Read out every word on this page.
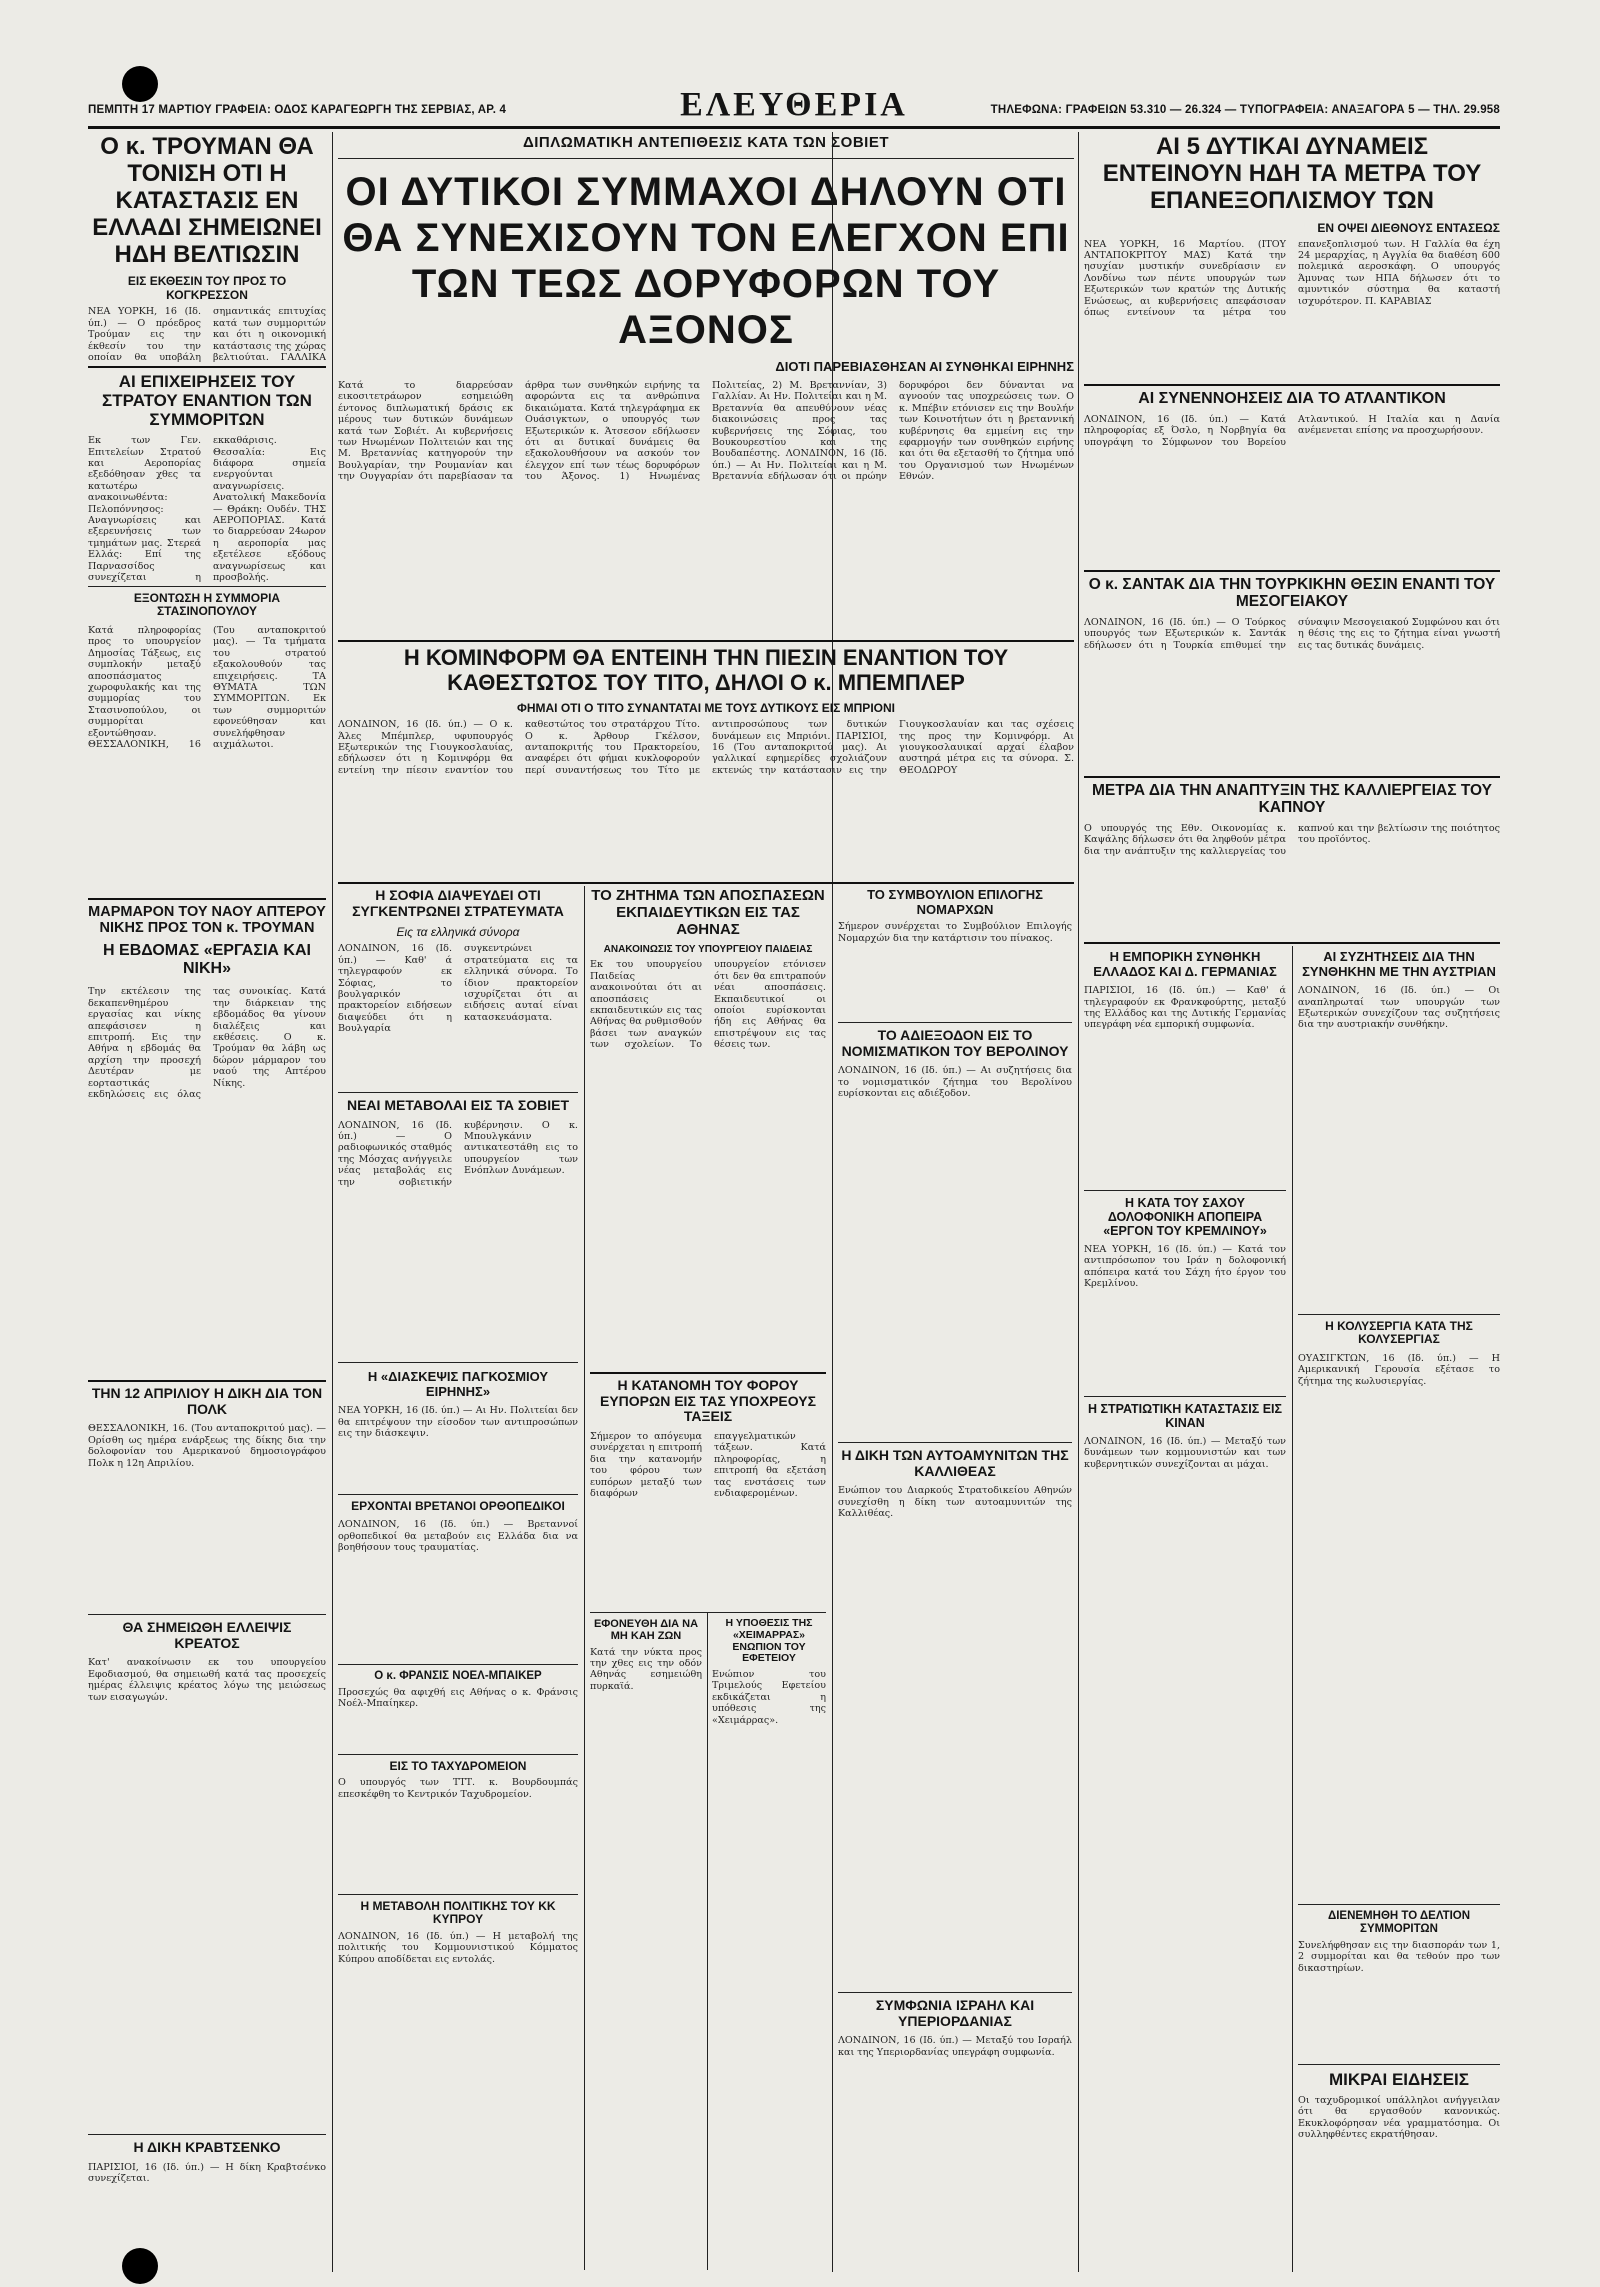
ΠΕΜΠΤΗ 17 ΜΑΡΤΙΟΥ ΓΡΑΦΕΙΑ: ΟΔΟΣ ΚΑΡΑΓΕΩΡΓΗ ΤΗΣ ΣΕΡΒΙΑΣ, ΑΡ. 4	ΕΛΕΥΘΕΡΙΑ	ΤΗΛΕΦΩΝΑ: ΓΡΑΦΕΙΩΝ 53.310 — 26.324 — ΤΥΠΟΓΡΑΦΕΙΑ: ΑΝΑΞΑΓΟΡΑ 5 — ΤΗΛ. 29.958
Ο κ. ΤΡΟΥΜΑΝ ΘΑ ΤΟΝΙΣΗ ΟΤΙ Η ΚΑΤΑΣΤΑΣΙΣ ΕΝ ΕΛΛΑΔΙ ΣΗΜΕΙΩΝΕΙ ΗΔΗ ΒΕΛΤΙΩΣΙΝ
ΕΙΣ ΕΚΘΕΣΙΝ ΤΟΥ ΠΡΟΣ ΤΟ ΚΟΓΚΡΕΣΣΟΝ

ΝΕΑ ΥΟΡΚΗ, 16 (Ιδ. ύπ.) — Ο πρόεδρος Τρούμαν εις την έκθεσίν του την οποίαν θα υποβάλη σημαντικάς επιτυχίας κατά των συμμοριτών και ότι η οικονομική κατάστασις της χώρας βελτιούται. ΓΑΛΛΙΚΑ

ΑΙ ΕΠΙΧΕΙΡΗΣΕΙΣ ΤΟΥ ΣΤΡΑΤΟΥ ΕΝΑΝΤΙΟΝ ΤΩΝ ΣΥΜΜΟΡΙΤΩΝ

Εκ των Γεν. Επιτελείων Στρατού και Αεροπορίας εξεδόθησαν χθες τα κατωτέρω ανακοινωθέντα: Πελοπόννησος: Αναγνωρίσεις και εξερευνήσεις των τμημάτων μας. Στερεά Ελλάς: Επί της Παρνασσίδος συνεχίζεται η εκκαθάρισις. Θεσσαλία: Εις διάφορα σημεία ενεργούνται αναγνωρίσεις. Ανατολική Μακεδονία — Θράκη: Ουδέν. ΤΗΣ ΑΕΡΟΠΟΡΙΑΣ. Κατά το διαρρεύσαν 24ωρον η αεροπορία μας εξετέλεσε εξόδους αναγνωρίσεως και προσβολής.

ΕΞΟΝΤΩΣΗ Η ΣΥΜΜΟΡΙΑ ΣΤΑΣΙΝΟΠΟΥΛΟΥ

Κατά πληροφορίας προς το υπουργείον Δημοσίας Τάξεως, εις συμπλοκήν μεταξύ αποσπάσματος χωροφυλακής και της συμμορίας του Στασινοπούλου, οι συμμορίται εξοντώθησαν. ΘΕΣΣΑΛΟΝΙΚΗ, 16 (Του ανταποκριτού μας). — Τα τμήματα του στρατού εξακολουθούν τας επιχειρήσεις. ΤΑ ΘΥΜΑΤΑ ΤΩΝ ΣΥΜΜΟΡΙΤΩΝ. Εκ των συμμοριτών εφονεύθησαν και συνελήφθησαν αιχμάλωτοι.

ΜΑΡΜΑΡΟΝ ΤΟΥ ΝΑΟΥ ΑΠΤΕΡΟΥ ΝΙΚΗΣ ΠΡΟΣ ΤΟΝ κ. ΤΡΟΥΜΑΝ
Η ΕΒΔΟΜΑΣ «ΕΡΓΑΣΙΑ ΚΑΙ ΝΙΚΗ»

Την εκτέλεσιν της δεκαπενθημέρου εργασίας και νίκης απεφάσισεν η επιτροπή. Εις την Αθήνα η εβδομάς θα αρχίση την προσεχή Δευτέραν με εορταστικάς εκδηλώσεις εις όλας τας συνοικίας. Κατά την διάρκειαν της εβδομάδος θα γίνουν διαλέξεις και εκθέσεις. Ο κ. Τρούμαν θα λάβη ως δώρον μάρμαρον του ναού της Απτέρου Νίκης.

ΤΗΝ 12 ΑΠΡΙΛΙΟΥ Η ΔΙΚΗ ΔΙΑ ΤΟΝ ΠΟΛΚ

ΘΕΣΣΑΛΟΝΙΚΗ, 16. (Του ανταποκριτού μας). — Ορίσθη ως ημέρα ενάρξεως της δίκης δια την δολοφονίαν του Αμερικανού δημοσιογράφου Πολκ η 12η Απριλίου.

ΘΑ ΣΗΜΕΙΩΘΗ ΕΛΛΕΙΨΙΣ ΚΡΕΑΤΟΣ

Κατ' ανακοίνωσιν εκ του υπουργείου Εφοδιασμού, θα σημειωθή κατά τας προσεχείς ημέρας έλλειψις κρέατος λόγω της μειώσεως των εισαγωγών.

Η ΔΙΚΗ ΚΡΑΒΤΣΕΝΚΟ

ΠΑΡΙΣΙΟΙ, 16 (Ιδ. ύπ.) — Η δίκη Κραβτσένκο συνεχίζεται.

ΔΙΠΛΩΜΑΤΙΚΗ ΑΝΤΕΠΙΘΕΣΙΣ ΚΑΤΑ ΤΩΝ ΣΟΒΙΕΤ
ΟΙ ΔΥΤΙΚΟΙ ΣΥΜΜΑΧΟΙ ΔΗΛΟΥΝ ΟΤΙ ΘΑ ΣΥΝΕΧΙΣΟΥΝ ΤΟΝ ΕΛΕΓΧΟΝ ΕΠΙ ΤΩΝ ΤΕΩΣ ΔΟΡΥΦΟΡΩΝ ΤΟΥ ΑΞΟΝΟΣ
ΔΙΟΤΙ ΠΑΡΕΒΙΑΣΘΗΣΑΝ ΑΙ ΣΥΝΘΗΚΑΙ ΕΙΡΗΝΗΣ

Κατά το διαρρεύσαν εικοσιτετράωρον εσημειώθη έντονος διπλωματική δράσις εκ μέρους των δυτικών δυνάμεων κατά των Σοβιέτ. Αι κυβερνήσεις των Ηνωμένων Πολιτειών και της Μ. Βρεταννίας κατηγορούν την Βουλγαρίαν, την Ρουμανίαν και την Ουγγαρίαν ότι παρεβίασαν τα άρθρα των συνθηκών ειρήνης τα αφορώντα εις τα ανθρώπινα δικαιώματα. Κατά τηλεγράφημα εκ Ουάσιγκτων, ο υπουργός των Εξωτερικών κ. Άτσεσον εδήλωσεν ότι αι δυτικαί δυνάμεις θα εξακολουθήσουν να ασκούν τον έλεγχον επί των τέως δορυφόρων του Άξονος. 1) Ηνωμένας Πολιτείας, 2) Μ. Βρεταννίαν, 3) Γαλλίαν. Αι Ην. Πολιτείαι και η Μ. Βρεταννία θα απευθύνουν νέας διακοινώσεις προς τας κυβερνήσεις της Σόφιας, του Βουκουρεστίου και της Βουδαπέστης. ΛΟΝΔΙΝΟΝ, 16 (Ιδ. ύπ.) — Αι Ην. Πολιτείαι και η Μ. Βρεταννία εδήλωσαν ότι οι πρώην δορυφόροι δεν δύνανται να αγνοούν τας υποχρεώσεις των. Ο κ. Μπέβιν ετόνισεν εις την Βουλήν των Κοινοτήτων ότι η βρεταννική κυβέρνησις θα εμμείνη εις την εφαρμογήν των συνθηκών ειρήνης και ότι θα εξετασθή το ζήτημα υπό του Οργανισμού των Ηνωμένων Εθνών.

Η ΚΟΜΙΝΦΟΡΜ ΘΑ ΕΝΤΕΙΝΗ ΤΗΝ ΠΙΕΣΙΝ ΕΝΑΝΤΙΟΝ ΤΟΥ ΚΑΘΕΣΤΩΤΟΣ ΤΟΥ ΤΙΤΟ, ΔΗΛΟΙ Ο κ. ΜΠΕΜΠΛΕΡ
ΦΗΜΑΙ ΟΤΙ Ο ΤΙΤΟ ΣΥΝΑΝΤΑΤΑΙ ΜΕ ΤΟΥΣ ΔΥΤΙΚΟΥΣ ΕΙΣ ΜΠΡΙΟΝΙ

ΛΟΝΔΙΝΟΝ, 16 (Ιδ. ύπ.) — Ο κ. Άλες Μπέμπλερ, υφυπουργός Εξωτερικών της Γιουγκοσλαυίας, εδήλωσεν ότι η Κομινφόρμ θα εντείνη την πίεσιν εναντίον του καθεστώτος του στρατάρχου Τίτο. Ο κ. Άρθουρ Γκέλσον, ανταποκριτής του Πρακτορείου, αναφέρει ότι φήμαι κυκλοφορούν περί συναντήσεως του Τίτο με αντιπροσώπους των δυτικών δυνάμεων εις Μπριόνι. ΠΑΡΙΣΙΟΙ, 16 (Του ανταποκριτού μας). Αι γαλλικαί εφημερίδες σχολιάζουν εκτενώς την κατάστασιν εις την Γιουγκοσλαυίαν και τας σχέσεις της προς την Κομινφόρμ. Αι γιουγκοσλαυικαί αρχαί έλαβον αυστηρά μέτρα εις τα σύνορα. Σ. ΘΕΟΔΩΡΟΥ

Η ΣΟΦΙΑ ΔΙΑΨΕΥΔΕΙ ΟΤΙ ΣΥΓΚΕΝΤΡΩΝΕΙ ΣΤΡΑΤΕΥΜΑΤΑ
Εις τα ελληνικά σύνορα

ΛΟΝΔΙΝΟΝ, 16 (Ιδ. ύπ.) — Καθ' ά τηλεγραφούν εκ Σόφιας, το βουλγαρικόν πρακτορείον ειδήσεων διαψεύδει ότι η Βουλγαρία συγκεντρώνει στρατεύματα εις τα ελληνικά σύνορα. Το ίδιον πρακτορείον ισχυρίζεται ότι αι ειδήσεις αυταί είναι κατασκευάσματα.

ΝΕΑΙ ΜΕΤΑΒΟΛΑΙ ΕΙΣ ΤΑ ΣΟΒΙΕΤ

ΛΟΝΔΙΝΟΝ, 16 (Ιδ. ύπ.) — Ο ραδιοφωνικός σταθμός της Μόσχας ανήγγειλε νέας μεταβολάς εις την σοβιετικήν κυβέρνησιν. Ο κ. Μπουλγκάνιν αντικατεστάθη εις το υπουργείον των Ενόπλων Δυνάμεων.

Η «ΔΙΑΣΚΕΨΙΣ ΠΑΓΚΟΣΜΙΟΥ ΕΙΡΗΝΗΣ»

ΝΕΑ ΥΟΡΚΗ, 16 (Ιδ. ύπ.) — Αι Ην. Πολιτείαι δεν θα επιτρέψουν την είσοδον των αντιπροσώπων εις την διάσκεψιν.

ΕΡΧΟΝΤΑΙ ΒΡΕΤΑΝΟΙ ΟΡΘΟΠΕΔΙΚΟΙ

ΛΟΝΔΙΝΟΝ, 16 (Ιδ. ύπ.) — Βρεταννοί ορθοπεδικοί θα μεταβούν εις Ελλάδα δια να βοηθήσουν τους τραυματίας.

Ο κ. ΦΡΑΝΣΙΣ ΝΟΕΛ-ΜΠΑΙΚΕΡ

Προσεχώς θα αφιχθή εις Αθήνας ο κ. Φράνσις Νοέλ-Μπαίηκερ.

ΕΙΣ ΤΟ ΤΑΧΥΔΡΟΜΕΙΟΝ

Ο υπουργός των ΤΤΤ. κ. Βουρδουμπάς επεσκέφθη το Κεντρικόν Ταχυδρομείον.

Η ΜΕΤΑΒΟΛΗ ΠΟΛΙΤΙΚΗΣ ΤΟΥ ΚΚ ΚΥΠΡΟΥ

ΛΟΝΔΙΝΟΝ, 16 (Ιδ. ύπ.) — Η μεταβολή της πολιτικής του Κομμουνιστικού Κόμματος Κύπρου αποδίδεται εις εντολάς.

ΤΟ ΖΗΤΗΜΑ ΤΩΝ ΑΠΟΣΠΑΣΕΩΝ ΕΚΠΑΙΔΕΥΤΙΚΩΝ ΕΙΣ ΤΑΣ ΑΘΗΝΑΣ
ΑΝΑΚΟΙΝΩΣΙΣ ΤΟΥ ΥΠΟΥΡΓΕΙΟΥ ΠΑΙΔΕΙΑΣ

Εκ του υπουργείου Παιδείας ανακοινούται ότι αι αποσπάσεις εκπαιδευτικών εις τας Αθήνας θα ρυθμισθούν βάσει των αναγκών των σχολείων. Το υπουργείον ετόνισεν ότι δεν θα επιτραπούν νέαι αποσπάσεις. Εκπαιδευτικοί οι οποίοι ευρίσκονται ήδη εις Αθήνας θα επιστρέψουν εις τας θέσεις των.

Η ΚΑΤΑΝΟΜΗ ΤΟΥ ΦΟΡΟΥ ΕΥΠΟΡΩΝ ΕΙΣ ΤΑΣ ΥΠΟΧΡΕΟΥΣ ΤΑΞΕΙΣ

Σήμερον το απόγευμα συνέρχεται η επιτροπή δια την κατανομήν του φόρου των ευπόρων μεταξύ των διαφόρων επαγγελματικών τάξεων. Κατά πληροφορίας, η επιτροπή θα εξετάση τας ενστάσεις των ενδιαφερομένων.

ΕΦΟΝΕΥΘΗ ΔΙΑ ΝΑ ΜΗ ΚΑΗ ΖΩΝ

Κατά την νύκτα προς την χθες εις την οδόν Αθηνάς εσημειώθη πυρκαϊά.

Η ΥΠΟΘΕΣΙΣ ΤΗΣ «ΧΕΙΜΑΡΡΑΣ» ΕΝΩΠΙΟΝ ΤΟΥ ΕΦΕΤΕΙΟΥ

Ενώπιον του Τριμελούς Εφετείου εκδικάζεται η υπόθεσις της «Χειμάρρας».

ΤΟ ΣΥΜΒΟΥΛΙΟΝ ΕΠΙΛΟΓΗΣ ΝΟΜΑΡΧΩΝ

Σήμερον συνέρχεται το Συμβούλιον Επιλογής Νομαρχών δια την κατάρτισιν του πίνακος.

ΤΟ ΑΔΙΕΞΟΔΟΝ ΕΙΣ ΤΟ ΝΟΜΙΣΜΑΤΙΚΟΝ ΤΟΥ ΒΕΡΟΛΙΝΟΥ

ΛΟΝΔΙΝΟΝ, 16 (Ιδ. ύπ.) — Αι συζητήσεις δια το νομισματικόν ζήτημα του Βερολίνου ευρίσκονται εις αδιέξοδον.

Η ΔΙΚΗ ΤΩΝ ΑΥΤΟΑΜΥΝΙΤΩΝ ΤΗΣ ΚΑΛΛΙΘΕΑΣ

Ενώπιον του Διαρκούς Στρατοδικείου Αθηνών συνεχίσθη η δίκη των αυτοαμυνιτών της Καλλιθέας.

ΣΥΜΦΩΝΙΑ ΙΣΡΑΗΛ ΚΑΙ ΥΠΕΡΙΟΡΔΑΝΙΑΣ

ΛΟΝΔΙΝΟΝ, 16 (Ιδ. ύπ.) — Μεταξύ του Ισραήλ και της Υπεριορδανίας υπεγράφη συμφωνία.

ΑΙ 5 ΔΥΤΙΚΑΙ ΔΥΝΑΜΕΙΣ ΕΝΤΕΙΝΟΥΝ ΗΔΗ ΤΑ ΜΕΤΡΑ ΤΟΥ ΕΠΑΝΕΞΟΠΛΙΣΜΟΥ ΤΩΝ
ΕΝ ΟΨΕΙ ΔΙΕΘΝΟΥΣ ΕΝΤΑΣΕΩΣ

ΝΕΑ ΥΟΡΚΗ, 16 Μαρτίου. (ΙΤΟΥ ΑΝΤΑΠΟΚΡΙΤΟΥ ΜΑΣ) Κατά την ησυχίαν μυστικήν συνεδρίασιν εν Λονδίνω των πέντε υπουργών των Εξωτερικών των κρατών της Δυτικής Ενώσεως, αι κυβερνήσεις απεφάσισαν όπως εντείνουν τα μέτρα του επανεξοπλισμού των. Η Γαλλία θα έχη 24 μεραρχίας, η Αγγλία θα διαθέση 600 πολεμικά αεροσκάφη. Ο υπουργός Άμυνας των ΗΠΑ δήλωσεν ότι το αμυντικόν σύστημα θα καταστή ισχυρότερον. Π. ΚΑΡΑΒΙΑΣ

ΑΙ ΣΥΝΕΝΝΟΗΣΕΙΣ ΔΙΑ ΤΟ ΑΤΛΑΝΤΙΚΟΝ

ΛΟΝΔΙΝΟΝ, 16 (Ιδ. ύπ.) — Κατά πληροφορίας εξ Όσλο, η Νορβηγία θα υπογράψη το Σύμφωνον του Βορείου Ατλαντικού. Η Ιταλία και η Δανία ανέμενεται επίσης να προσχωρήσουν.

Ο κ. ΣΑΝΤΑΚ ΔΙΑ ΤΗΝ ΤΟΥΡΚΙΚΗΝ ΘΕΣΙΝ ΕΝΑΝΤΙ ΤΟΥ ΜΕΣΟΓΕΙΑΚΟΥ

ΛΟΝΔΙΝΟΝ, 16 (Ιδ. ύπ.) — Ο Τούρκος υπουργός των Εξωτερικών κ. Σαντάκ εδήλωσεν ότι η Τουρκία επιθυμεί την σύναψιν Μεσογειακού Συμφώνου και ότι η θέσις της εις το ζήτημα είναι γνωστή εις τας δυτικάς δυνάμεις.

ΜΕΤΡΑ ΔΙΑ ΤΗΝ ΑΝΑΠΤΥΞΙΝ ΤΗΣ ΚΑΛΛΙΕΡΓΕΙΑΣ ΤΟΥ ΚΑΠΝΟΥ

Ο υπουργός της Εθν. Οικονομίας κ. Καψάλης δήλωσεν ότι θα ληφθούν μέτρα δια την ανάπτυξιν της καλλιεργείας του καπνού και την βελτίωσιν της ποιότητος του προϊόντος.

Η ΕΜΠΟΡΙΚΗ ΣΥΝΘΗΚΗ ΕΛΛΑΔΟΣ ΚΑΙ Δ. ΓΕΡΜΑΝΙΑΣ

ΠΑΡΙΣΙΟΙ, 16 (Ιδ. ύπ.) — Καθ' ά τηλεγραφούν εκ Φρανκφούρτης, μεταξύ της Ελλάδος και της Δυτικής Γερμανίας υπεγράφη νέα εμπορική συμφωνία.

Η ΚΑΤΑ ΤΟΥ ΣΑΧΟΥ ΔΟΛΟΦΟΝΙΚΗ ΑΠΟΠΕΙΡΑ «ΕΡΓΟΝ ΤΟΥ ΚΡΕΜΛΙΝΟΥ»

ΝΕΑ ΥΟΡΚΗ, 16 (Ιδ. ύπ.) — Κατά τον αντιπρόσωπον του Ιράν η δολοφονική απόπειρα κατά του Σάχη ήτο έργον του Κρεμλίνου.

Η ΣΤΡΑΤΙΩΤΙΚΗ ΚΑΤΑΣΤΑΣΙΣ ΕΙΣ ΚΙΝΑΝ

ΛΟΝΔΙΝΟΝ, 16 (Ιδ. ύπ.) — Μεταξύ των δυνάμεων των κομμουνιστών και των κυβερνητικών συνεχίζονται αι μάχαι.

ΑΙ ΣΥΖΗΤΗΣΕΙΣ ΔΙΑ ΤΗΝ ΣΥΝΘΗΚΗΝ ΜΕ ΤΗΝ ΑΥΣΤΡΙΑΝ

ΛΟΝΔΙΝΟΝ, 16 (Ιδ. ύπ.) — Οι αναπληρωταί των υπουργών των Εξωτερικών συνεχίζουν τας συζητήσεις δια την αυστριακήν συνθήκην.

Η ΚΟΛΥΣΕΡΓΙΑ ΚΑΤΑ ΤΗΣ ΚΟΛΥΣΕΡΓΙΑΣ

ΟΥΑΣΙΓΚΤΩΝ, 16 (Ιδ. ύπ.) — Η Αμερικανική Γερουσία εξέτασε το ζήτημα της κωλυσιεργίας.

ΔΙΕΝΕΜΗΘΗ ΤΟ ΔΕΛΤΙΟΝ ΣΥΜΜΟΡΙΤΩΝ

Συνελήφθησαν εις την διασποράν των 1, 2 συμμορίται και θα τεθούν προ των δικαστηρίων.

ΜΙΚΡΑΙ ΕΙΔΗΣΕΙΣ

Οι ταχυδρομικοί υπάλληλοι ανήγγειλαν ότι θα εργασθούν κανονικώς. Εκυκλοφόρησαν νέα γραμματόσημα. Οι συλληφθέντες εκρατήθησαν.
